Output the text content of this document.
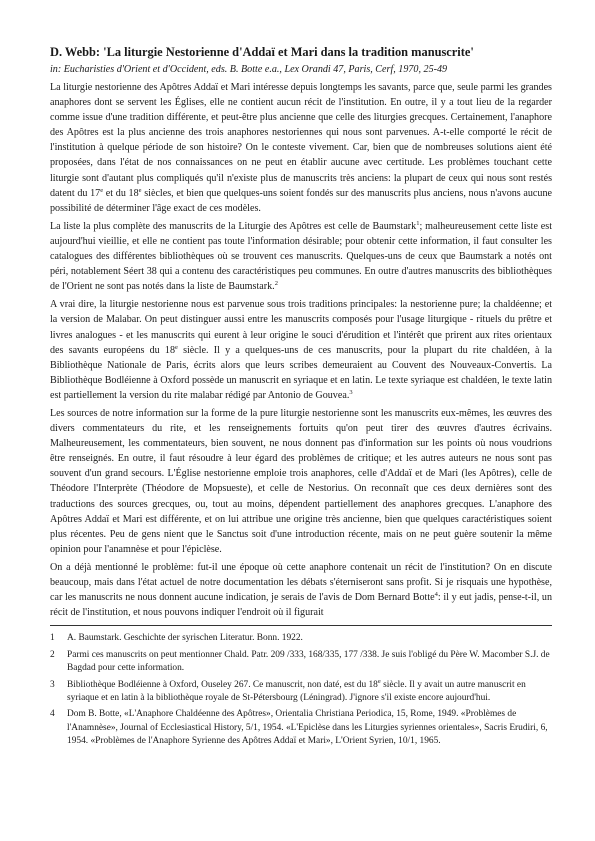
D. Webb: 'La liturgie Nestorienne d'Addaï et Mari dans la tradition manuscrite'
in: Eucharisties d'Orient et d'Occident, eds. B. Botte e.a., Lex Orandi 47, Paris, Cerf, 1970, 25-49

La liturgie nestorienne des Apôtres Addaï et Mari intéresse depuis longtemps les savants, parce que, seule parmi les grandes anaphores dont se servent les Églises, elle ne contient aucun récit de l'institution. En outre, il y a tout lieu de la regarder comme issue d'une tradition différente, et peut-être plus ancienne que celle des liturgies grecques. Certainement, l'anaphore des Apôtres est la plus ancienne des trois anaphores nestoriennes qui nous sont parvenues. A-t-elle comporté le récit de l'institution à quelque période de son histoire? On le conteste vivement. Car, bien que de nombreuses solutions aient été proposées, dans l'état de nos connaissances on ne peut en établir aucune avec certitude. Les problèmes touchant cette liturgie sont d'autant plus compliqués qu'il n'existe plus de manuscrits très anciens: la plupart de ceux qui nous sont restés datent du 17e et du 18e siècles, et bien que quelques-uns soient fondés sur des manuscrits plus anciens, nous n'avons aucune possibilité de déterminer l'âge exact de ces modèles.

La liste la plus complète des manuscrits de la Liturgie des Apôtres est celle de Baumstark$^1$; malheureusement cette liste est aujourd'hui vieillie, et elle ne contient pas toute l'information désirable; pour obtenir cette information, il faut consulter les catalogues des différentes bibliothèques où se trouvent ces manuscrits. Quelques-uns de ceux que Baumstark a notés ont péri, notablement Séert 38 qui a contenu des caractéristiques peu communes. En outre d'autres manuscrits des bibliothèques de l'Orient ne sont pas notés dans la liste de Baumstark.$^2$

A vrai dire, la liturgie nestorienne nous est parvenue sous trois traditions principales: la nestorienne pure; la chaldéenne; et la version de Malabar. On peut distinguer aussi entre les manuscrits composés pour l'usage liturgique - rituels du prêtre et livres analogues - et les manuscrits qui eurent à leur origine le souci d'érudition et l'intérêt que prirent aux rites orientaux des savants européens du 18e siècle. Il y a quelques-uns de ces manuscrits, pour la plupart du rite chaldéen, à la Bibliothèque Nationale de Paris, écrits alors que leurs scribes demeuraient au Couvent des Nouveaux-Convertis. La Bibliothèque Bodléienne à Oxford possède un manuscrit en syriaque et en latin. Le texte syriaque est chaldéen, le texte latin est partiellement la version du rite malabar rédigé par Antonio de Gouvea.$^3$

Les sources de notre information sur la forme de la pure liturgie nestorienne sont les manuscrits eux-mêmes, les œuvres des divers commentateurs du rite, et les renseignements fortuits qu'on peut tirer des œuvres d'autres écrivains. Malheureusement, les commentateurs, bien souvent, ne nous donnent pas d'information sur les points où nous voudrions être renseignés. En outre, il faut résoudre à leur égard des problèmes de critique; et les autres auteurs ne nous sont pas souvent d'un grand secours. L'Église nestorienne emploie trois anaphores, celle d'Addaï et de Mari (les Apôtres), celle de Théodore l'Interprète (Théodore de Mopsueste), et celle de Nestorius. On reconnaît que ces deux dernières sont des traductions des sources grecques, ou, tout au moins, dépendent partiellement des anaphores grecques. L'anaphore des Apôtres Addaï et Mari est différente, et on lui attribue une origine très ancienne, bien que quelques caractéristiques soient plus récentes. Peu de gens nient que le Sanctus soit d'une introduction récente, mais on ne peut guère soutenir la même opinion pour l'anamnèse et pour l'épiclèse.

On a déjà mentionné le problème: fut-il une époque où cette anaphore contenait un récit de l'institution? On en discute beaucoup, mais dans l'état actuel de notre documentation les débats s'éterniseront sans profit. Si je risquais une hypothèse, car les manuscrits ne nous donnent aucune indication, je serais de l'avis de Dom Bernard Botte$^4$: il y eut jadis, pense-t-il, un récit de l'institution, et nous pouvons indiquer l'endroit où il figurait

1	A. Baumstark. Geschichte der syrischen Literatur. Bonn. 1922.
2	Parmi ces manuscrits on peut mentionner Chald. Patr. 209 /333, 168/335, 177 /338. Je suis l'obligé du Père W. Macomber S.J. de Bagdad pour cette information.
3	Bibliothèque Bodléienne à Oxford, Ouseley 267. Ce manuscrit, non daté, est du 18e siècle. Il y avait un autre manuscrit en syriaque et en latin à la bibliothèque royale de St-Pétersbourg (Léningrad). J'ignore s'il existe encore aujourd'hui.
4	Dom B. Botte, «L'Anaphore Chaldéenne des Apôtres», Orientalia Christiana Periodica, 15, Rome, 1949. «Problèmes de l'Anamnèse», Journal of Ecclesiastical History, 5/1, 1954. «L'Epiclèse dans les Liturgies syriennes orientales», Sacris Erudiri, 6, 1954. «Problèmes de l'Anaphore Syrienne des Apôtres Addaï et Mari», L'Orient Syrien, 10/1, 1965.
